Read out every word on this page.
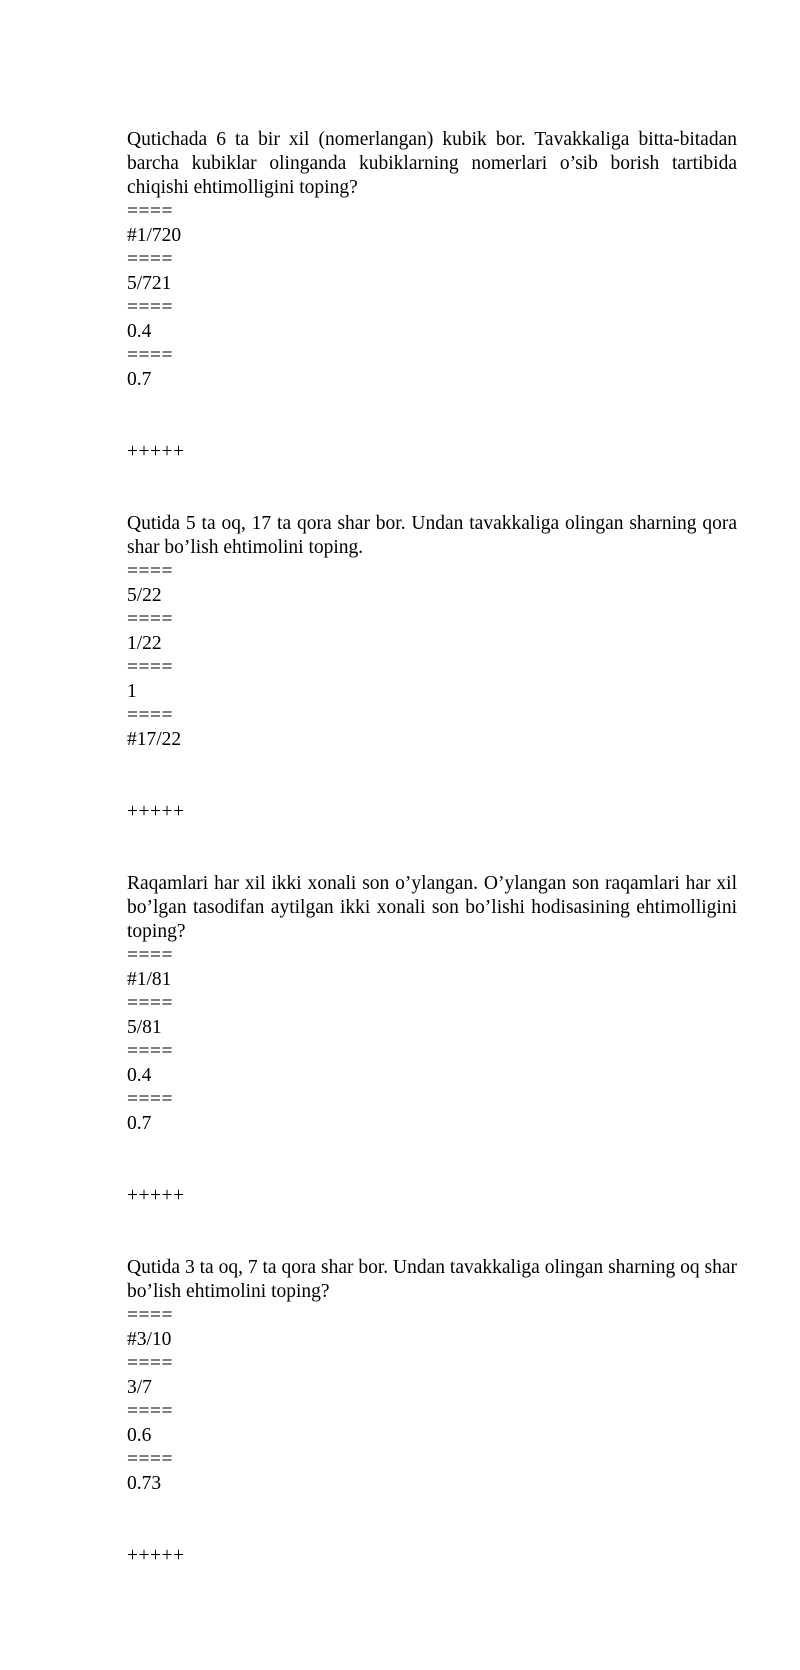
Qutichada 6 ta bir xil (nomerlangan) kubik bor. Tavakkaliga bitta-bitadan barcha kubiklar olinganda kubiklarning nomerlari o’sib borish tartibida chiqishi ehtimolligini toping?

====
#1/720
====
5/721
====
0.4
====
0.7
+++++

Qutida 5 ta oq, 17 ta qora shar bor. Undan tavakkaliga olingan sharning qora shar bo’lish ehtimolini toping.

====
5/22
====
1/22
====
1
====
#17/22
+++++

Raqamlari har xil ikki xonali son o’ylangan. O’ylangan son raqamlari har xil bo’lgan tasodifan aytilgan ikki xonali son bo’lishi hodisasining ehtimolligini toping?

====
#1/81
====
5/81
====
0.4
====
0.7
+++++

Qutida 3 ta oq, 7 ta qora shar bor. Undan tavakkaliga olingan sharning oq shar bo’lish ehtimolini toping?

====
#3/10
====
3/7
====
0.6
====
0.73
+++++
